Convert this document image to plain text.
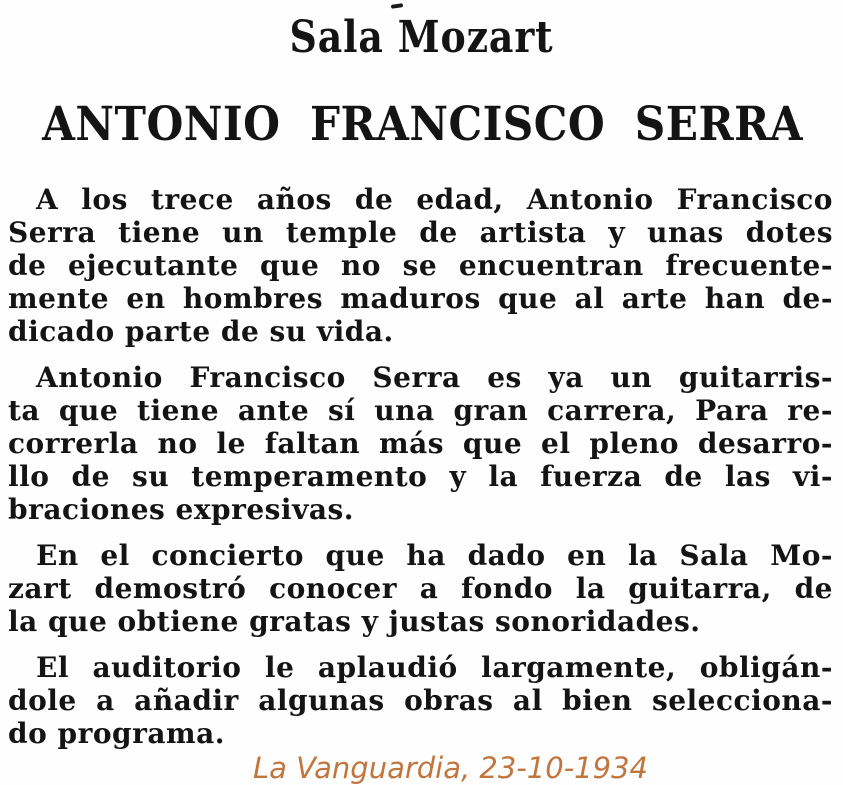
Sala Mozart
ANTONIO FRANCISCO SERRA

A los trece años de edad, Antonio Francisco
Serra tiene un temple de artista y unas dotes
de ejecutante que no se encuentran frecuente-
mente en hombres maduros que al arte han de-
dicado parte de su vida.

Antonio Francisco Serra es ya un guitarris-
ta que tiene ante sí una gran carrera, Para re-
correrla no le faltan más que el pleno desarro-
llo de su temperamento y la fuerza de las vi-
braciones expresivas.

En el concierto que ha dado en la Sala Mo-
zart demostró conocer a fondo la guitarra, de
la que obtiene gratas y justas sonoridades.

El auditorio le aplaudió largamente, obligán-
dole a añadir algunas obras al bien selecciona-
do programa.

La Vanguardia, 23-10-1934
